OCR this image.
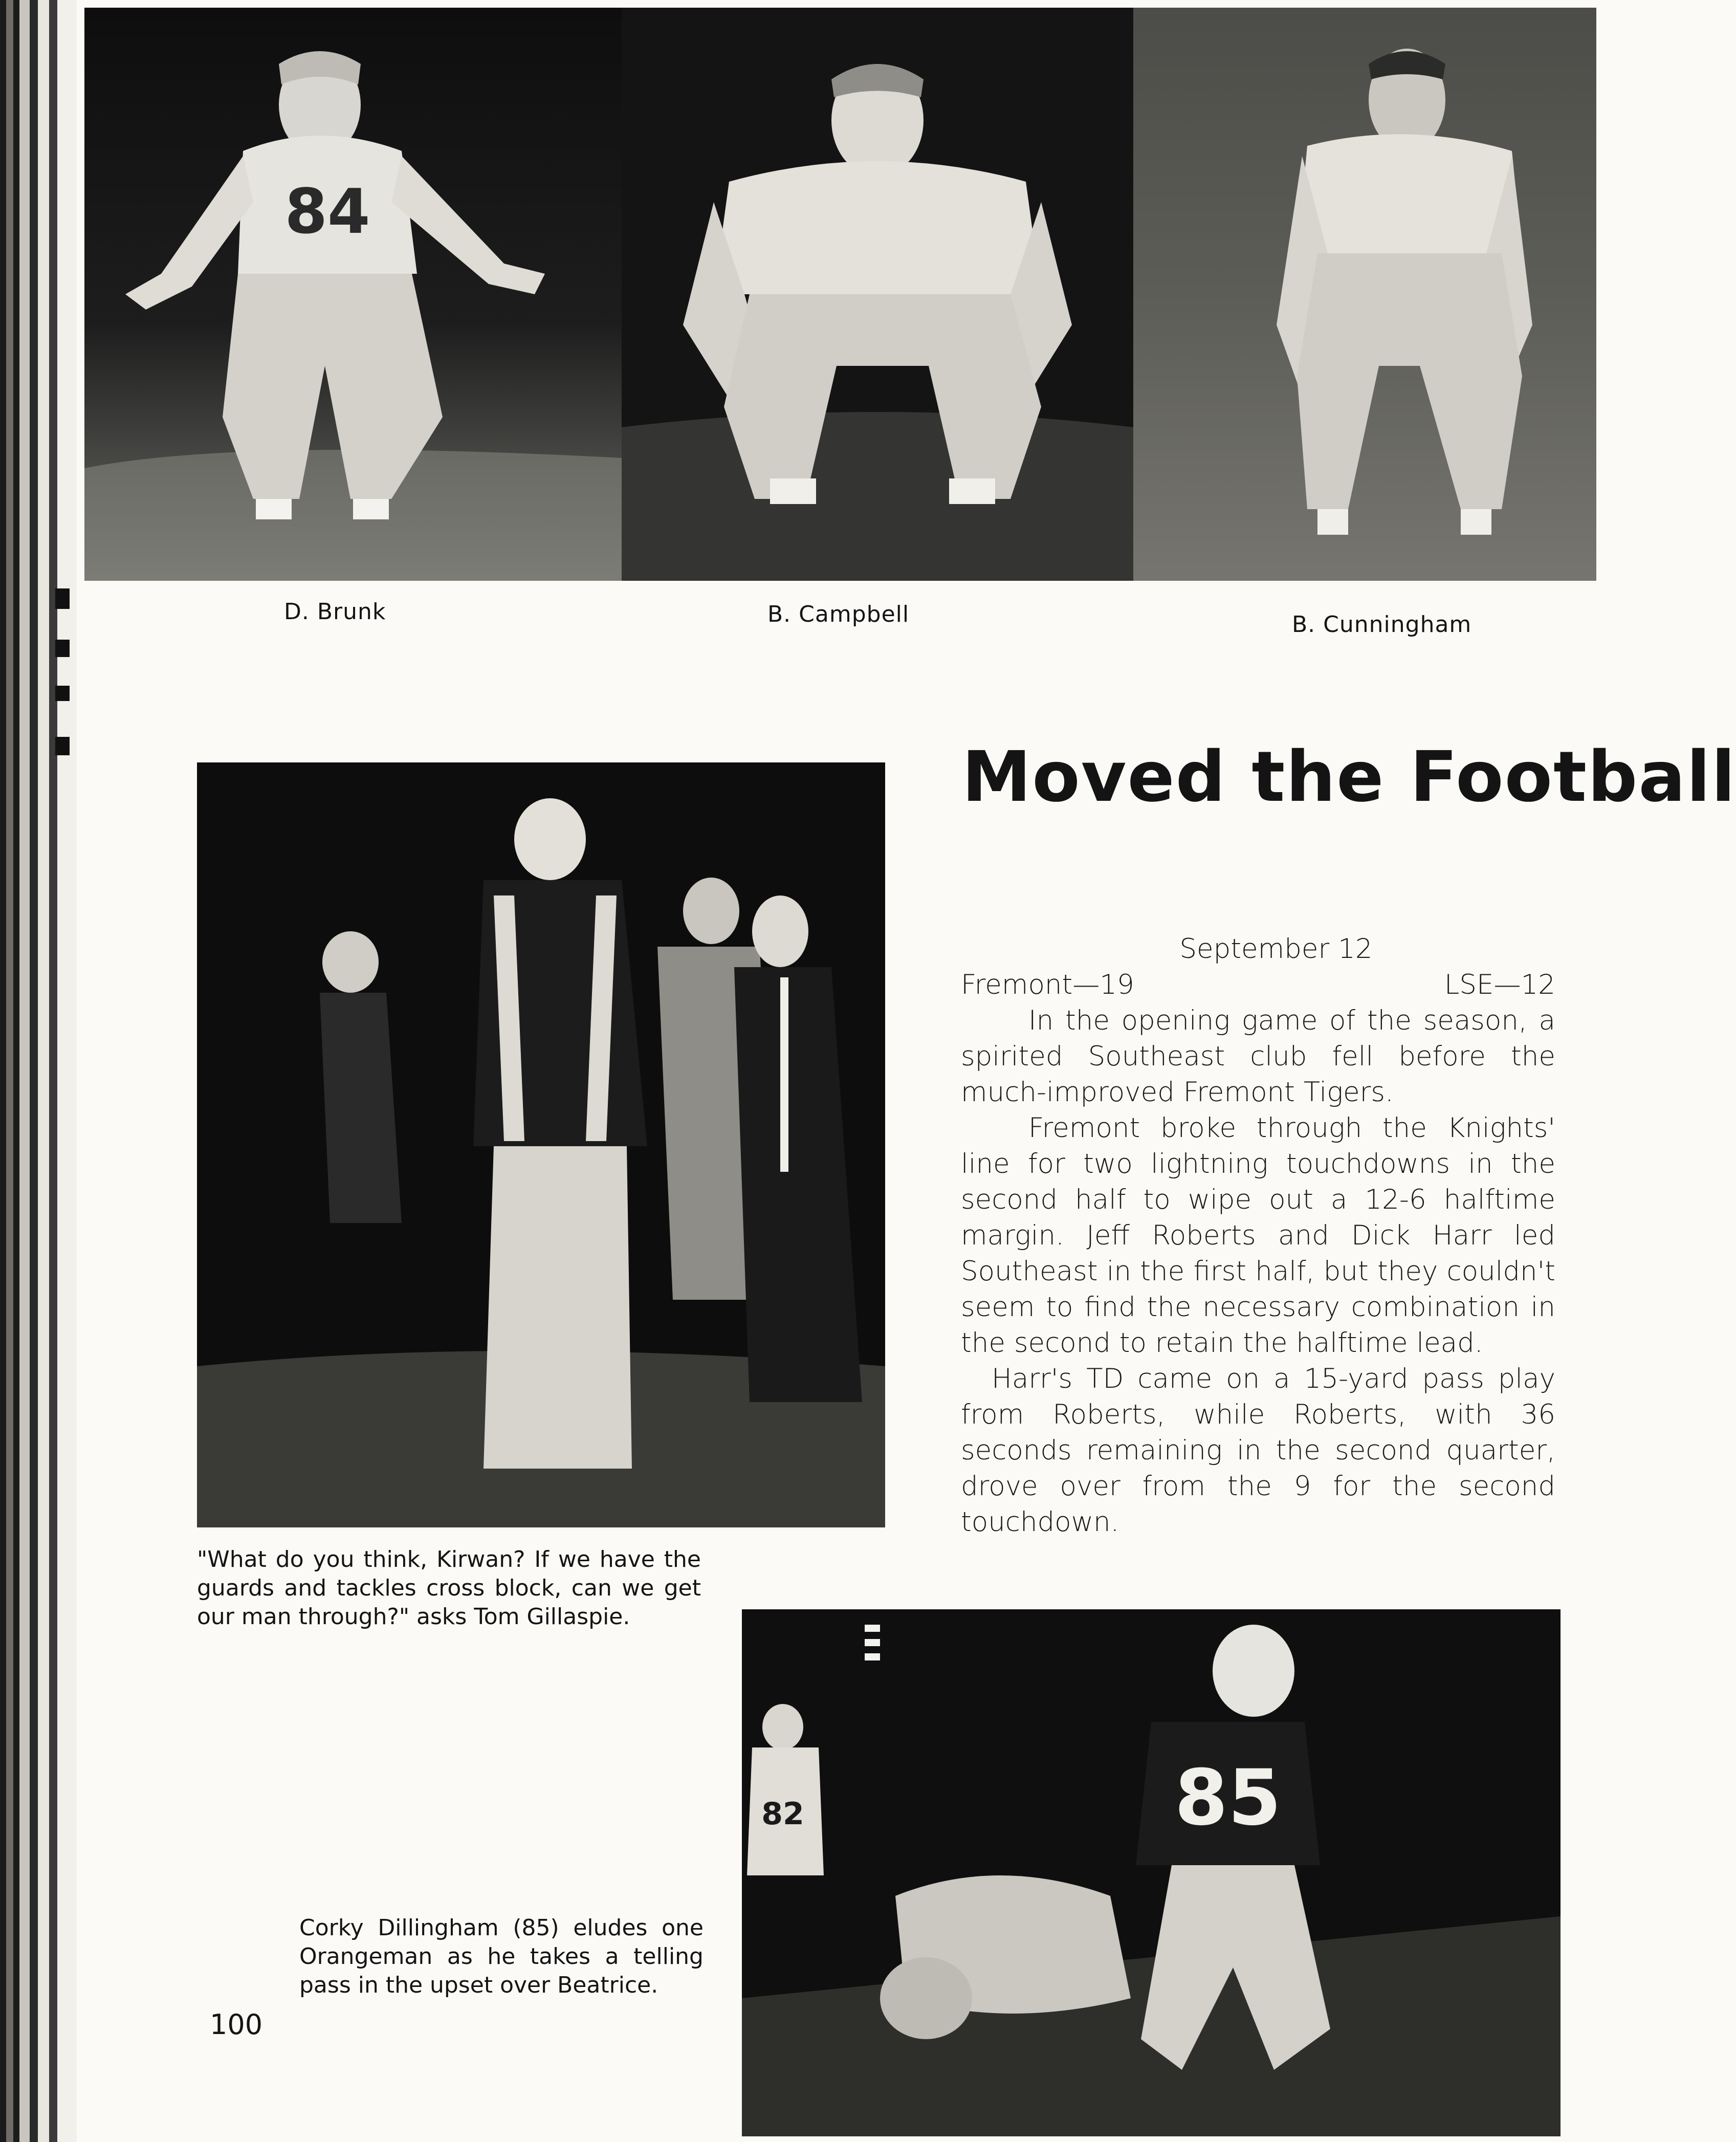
84
D. Brunk	B. Campbell	B. Cunningham
Moved the Football
September 12
Fremont—19	LSE—12

In the opening game of the season, a spirited Southeast club fell before the much-improved Fremont Tigers.

Fremont broke through the Knights' line for two lightning touchdowns in the second half to wipe out a 12-6 halftime margin. Jeff Roberts and Dick Harr led Southeast in the first half, but they couldn't seem to find the necessary combination in the second to retain the halftime lead.

Harr's TD came on a 15-yard pass play from Roberts, while Roberts, with 36 seconds remaining in the second quarter, drove over from the 9 for the second touchdown.

"What do you think, Kirwan? If we have the guards and tackles cross block, can we get our man through?" asks Tom Gillaspie.
Corky Dillingham (85) eludes one Orangeman as he takes a telling pass in the upset over Beatrice.
100
82	85
